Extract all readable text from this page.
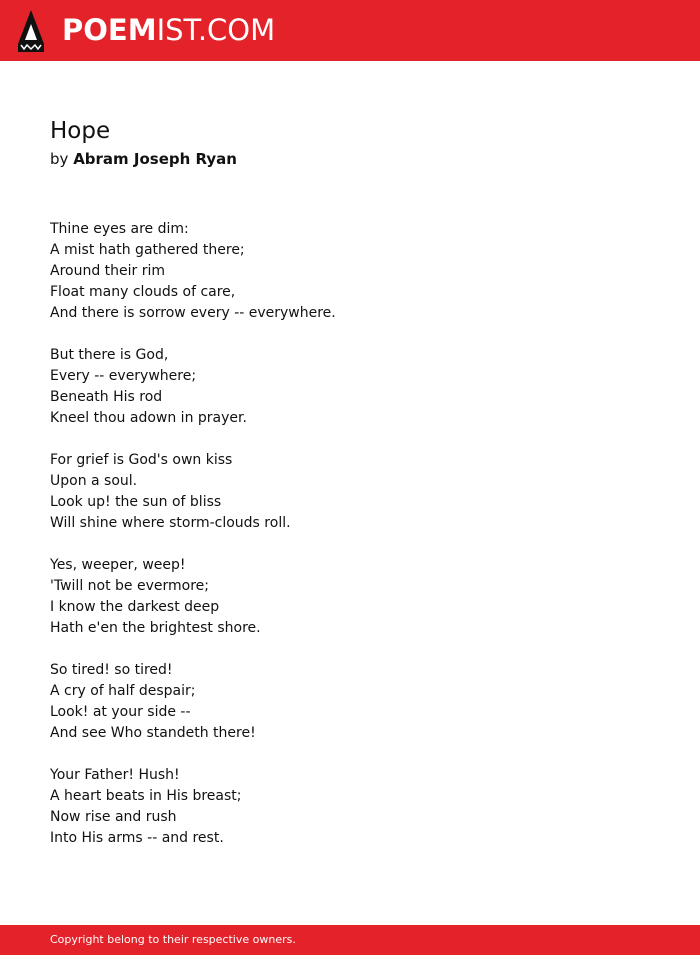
POEMIST.COM
Hope
by Abram Joseph Ryan
Thine eyes are dim:
A mist hath gathered there;
Around their rim
Float many clouds of care,
And there is sorrow every -- everywhere.
But there is God,
Every -- everywhere;
Beneath His rod
Kneel thou adown in prayer.
For grief is God's own kiss
Upon a soul.
Look up! the sun of bliss
Will shine where storm-clouds roll.
Yes, weeper, weep!
'Twill not be evermore;
I know the darkest deep
Hath e'en the brightest shore.
So tired! so tired!
A cry of half despair;
Look! at your side --
And see Who standeth there!
Your Father! Hush!
A heart beats in His breast;
Now rise and rush
Into His arms -- and rest.
Copyright belong to their respective owners.
